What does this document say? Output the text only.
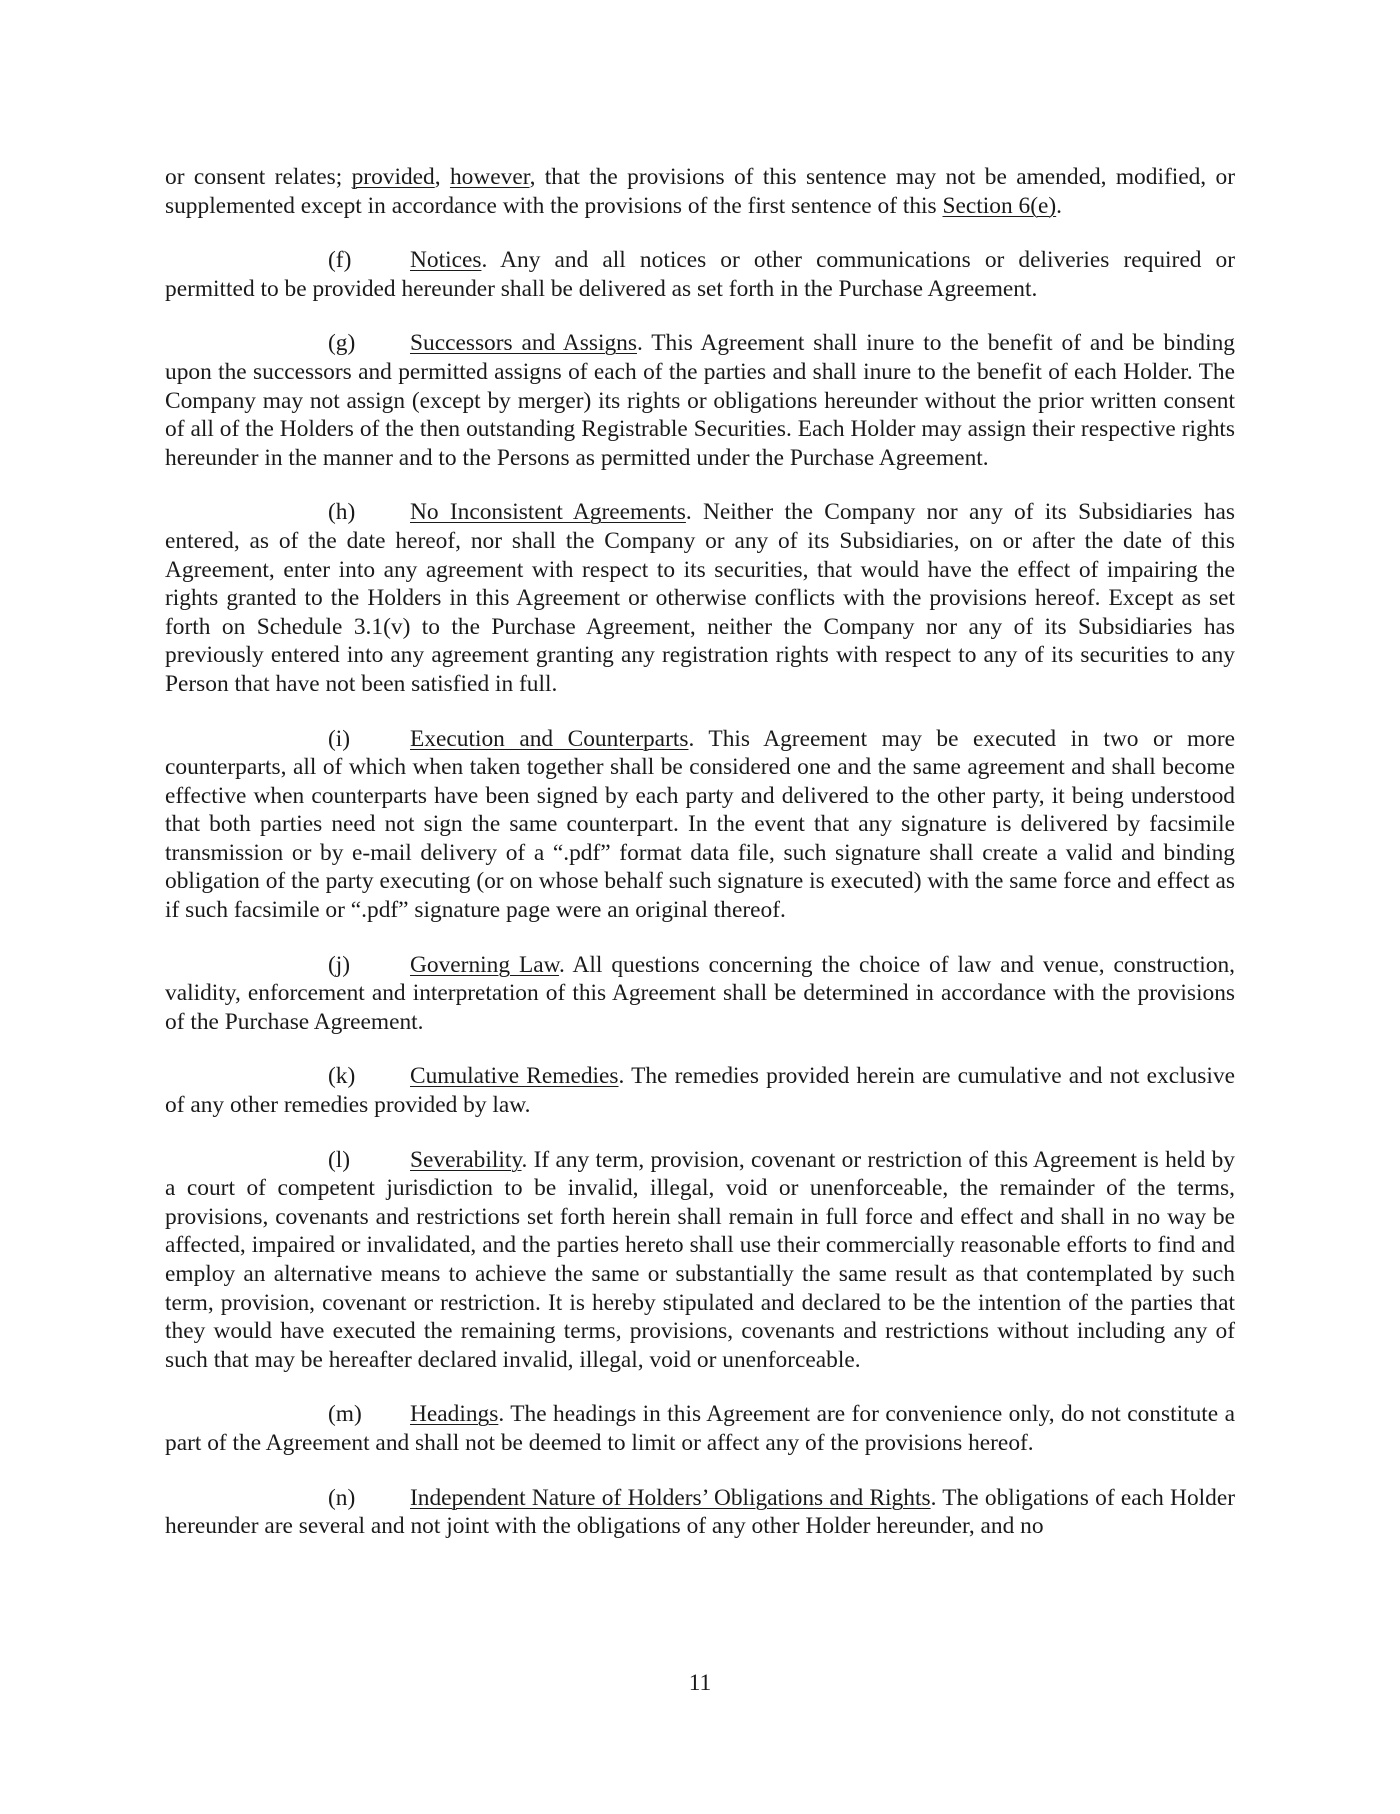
or consent relates; provided, however, that the provisions of this sentence may not be amended, modified, or supplemented except in accordance with the provisions of the first sentence of this Section 6(e).

(f)	Notices. Any and all notices or other communications or deliveries required or permitted to be provided hereunder shall be delivered as set forth in the Purchase Agreement.

(g) Successors and Assigns. This Agreement shall inure to the benefit of and be binding upon the successors and permitted assigns of each of the parties and shall inure to the benefit of each Holder. The Company may not assign (except by merger) its rights or obligations hereunder without the prior written consent of all of the Holders of the then outstanding Registrable Securities. Each Holder may assign their respective rights hereunder in the manner and to the Persons as permitted under the Purchase Agreement.

(h) No Inconsistent Agreements. Neither the Company nor any of its Subsidiaries has entered, as of the date hereof, nor shall the Company or any of its Subsidiaries, on or after the date of this Agreement, enter into any agreement with respect to its securities, that would have the effect of impairing the rights granted to the Holders in this Agreement or otherwise conflicts with the provisions hereof. Except as set forth on Schedule 3.1(v) to the Purchase Agreement, neither the Company nor any of its Subsidiaries has previously entered into any agreement granting any registration rights with respect to any of its securities to any Person that have not been satisfied in full.

(i)	Execution and Counterparts. This Agreement may be executed in two or more counterparts, all of which when taken together shall be considered one and the same agreement and shall become effective when counterparts have been signed by each party and delivered to the other party, it being understood that both parties need not sign the same counterpart. In the event that any signature is delivered by facsimile transmission or by e-mail delivery of a “.pdf” format data file, such signature shall create a valid and binding obligation of the party executing (or on whose behalf such signature is executed) with the same force and effect as if such facsimile or “.pdf” signature page were an original thereof.

(j)	Governing Law. All questions concerning the choice of law and venue, construction, validity, enforcement and interpretation of this Agreement shall be determined in accordance with the provisions of the Purchase Agreement.

(k) Cumulative Remedies. The remedies provided herein are cumulative and not exclusive of any other remedies provided by law.

(l)	Severability. If any term, provision, covenant or restriction of this Agreement is held by a court of competent jurisdiction to be invalid, illegal, void or unenforceable, the remainder of the terms, provisions, covenants and restrictions set forth herein shall remain in full force and effect and shall in no way be affected, impaired or invalidated, and the parties hereto shall use their commercially reasonable efforts to find and employ an alternative means to achieve the same or substantially the same result as that contemplated by such term, provision, covenant or restriction. It is hereby stipulated and declared to be the intention of the parties that they would have executed the remaining terms, provisions, covenants and restrictions without including any of such that may be hereafter declared invalid, illegal, void or unenforceable.

(m) Headings. The headings in this Agreement are for convenience only, do not constitute a part of the Agreement and shall not be deemed to limit or affect any of the provisions hereof.

(n) Independent Nature of Holders’ Obligations and Rights. The obligations of each Holder hereunder are several and not joint with the obligations of any other Holder hereunder, and no

11
